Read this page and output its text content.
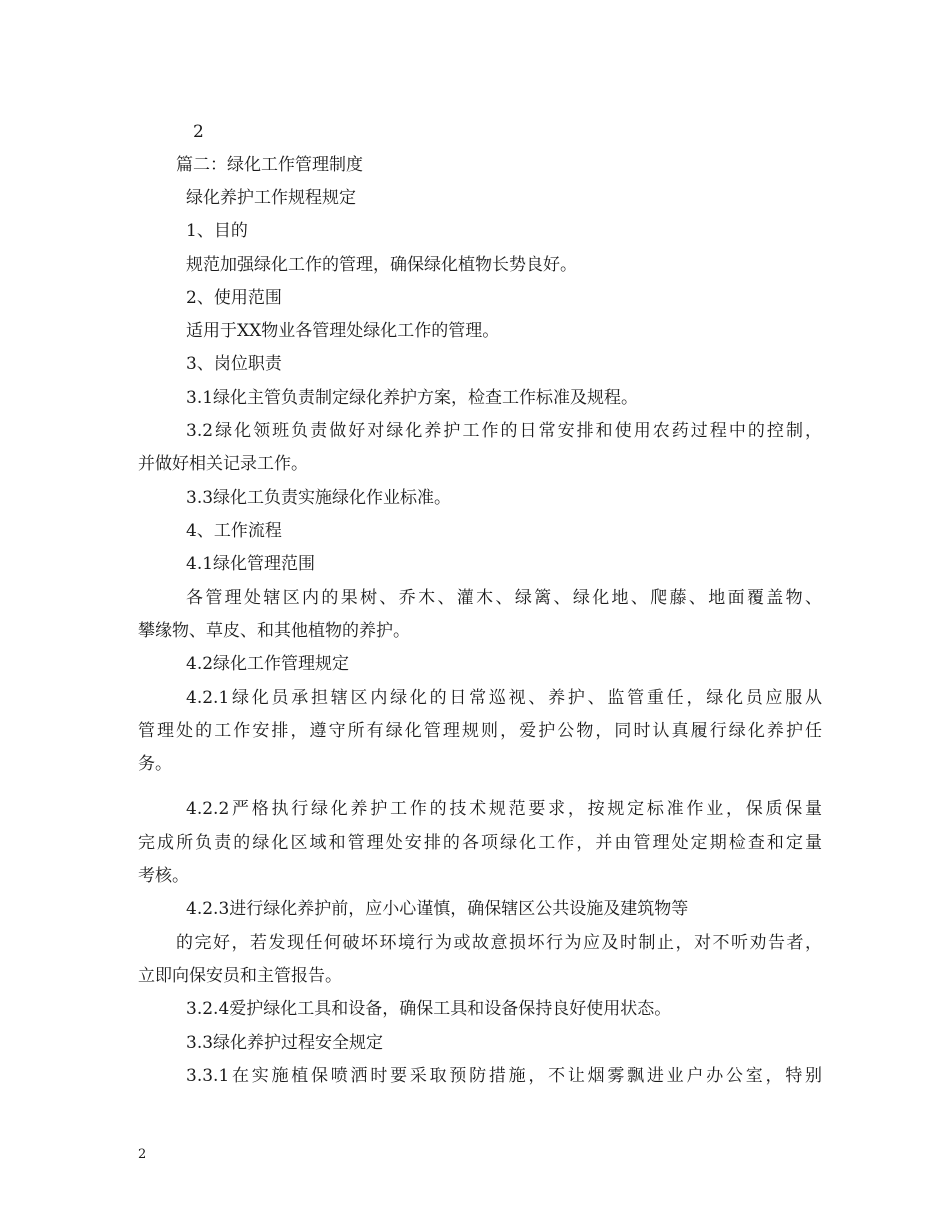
2
篇二：绿化工作管理制度
绿化养护工作规程规定
1、目的
规范加强绿化工作的管理，确保绿化植物长势良好。
2、使用范围
适用于XX物业各管理处绿化工作的管理。
3、岗位职责
3.1绿化主管负责制定绿化养护方案，检查工作标准及规程。
3.2绿化领班负责做好对绿化养护工作的日常安排和使用农药过程中的控制，
并做好相关记录工作。
3.3绿化工负责实施绿化作业标准。
4、工作流程
4.1绿化管理范围
各管理处辖区内的果树、乔木、灌木、绿篱、绿化地、爬藤、地面覆盖物、
攀缘物、草皮、和其他植物的养护。
4.2绿化工作管理规定
4.2.1绿化员承担辖区内绿化的日常巡视、养护、监管重任，绿化员应服从
管理处的工作安排，遵守所有绿化管理规则，爱护公物，同时认真履行绿化养护任
务。
4.2.2严格执行绿化养护工作的技术规范要求，按规定标准作业，保质保量
完成所负责的绿化区域和管理处安排的各项绿化工作，并由管理处定期检查和定量
考核。
4.2.3进行绿化养护前，应小心谨慎，确保辖区公共设施及建筑物等
的完好，若发现任何破坏环境行为或故意损坏行为应及时制止，对不听劝告者，
立即向保安员和主管报告。
3.2.4爱护绿化工具和设备，确保工具和设备保持良好使用状态。
3.3绿化养护过程安全规定
3.3.1在实施植保喷洒时要采取预防措施，不让烟雾飘进业户办公室，特别
2
